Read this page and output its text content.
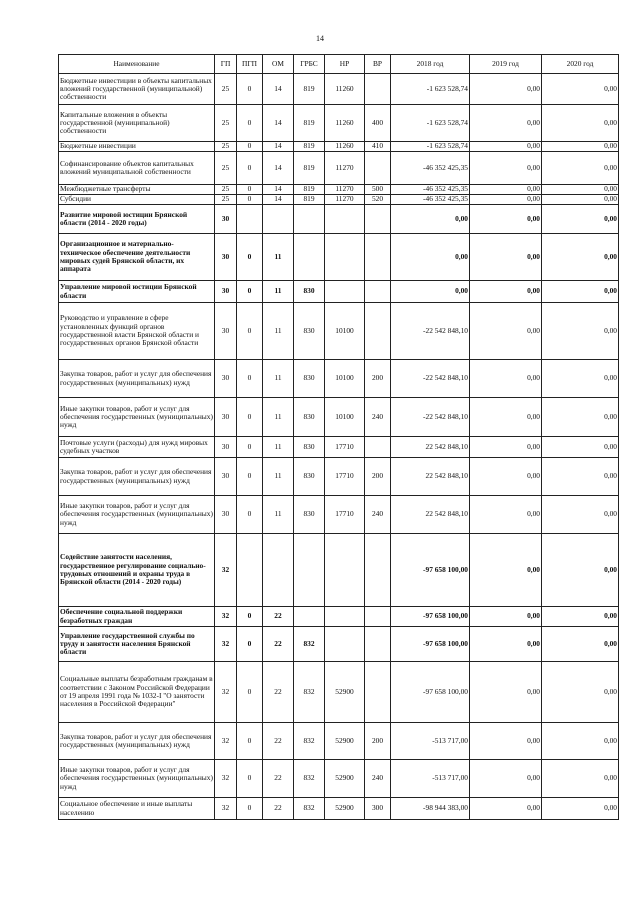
14
Наименование	ГП	ПГП	ОМ	ГРБС	НР	ВР	2018 год	2019 год	2020 год
Бюджетные инвестиции в объекты капитальных вложений государственной (муниципальной) собственности	25	0	14	819	11260		-1 623 528,74	0,00	0,00
Капитальные вложения в объекты государственной (муниципальной) собственности	25	0	14	819	11260	400	-1 623 528,74	0,00	0,00
Бюджетные инвестиции	25	0	14	819	11260	410	-1 623 528,74	0,00	0,00
Софинансирование объектов капитальных вложений муниципальной собственности	25	0	14	819	11270		-46 352 425,35	0,00	0,00
Межбюджетные трансферты	25	0	14	819	11270	500	-46 352 425,35	0,00	0,00
Субсидии	25	0	14	819	11270	520	-46 352 425,35	0,00	0,00
Развитие мировой юстиции Брянской области (2014 - 2020 годы)	30						0,00	0,00	0,00
Организационное и материально-техническое обеспечение деятельности мировых судей Брянской области, их аппарата	30	0	11				0,00	0,00	0,00
Управление мировой юстиции Брянской области	30	0	11	830			0,00	0,00	0,00
Руководство и управление в сфере установленных функций органов государственной власти Брянской области и государственных органов Брянской области	30	0	11	830	10100		-22 542 848,10	0,00	0,00
Закупка товаров, работ и услуг для обеспечения государственных (муниципальных) нужд	30	0	11	830	10100	200	-22 542 848,10	0,00	0,00
Иные закупки товаров, работ и услуг для обеспечения государственных (муниципальных) нужд	30	0	11	830	10100	240	-22 542 848,10	0,00	0,00
Почтовые услуги (расходы) для нужд мировых судебных участков	30	0	11	830	17710		22 542 848,10	0,00	0,00
Закупка товаров, работ и услуг для обеспечения государственных (муниципальных) нужд	30	0	11	830	17710	200	22 542 848,10	0,00	0,00
Иные закупки товаров, работ и услуг для обеспечения государственных (муниципальных) нужд	30	0	11	830	17710	240	22 542 848,10	0,00	0,00
Содействие занятости населения, государственное регулирование социально-трудовых отношений и охраны труда в Брянской области (2014 - 2020 годы)	32						-97 658 100,00	0,00	0,00
Обеспечение социальной поддержки безработных граждан	32	0	22				-97 658 100,00	0,00	0,00
Управление государственной службы по труду и занятости населения Брянской области	32	0	22	832			-97 658 100,00	0,00	0,00
Социальные выплаты безработным гражданам в соответствии с Законом Российской Федерации от 19 апреля 1991 года № 1032-I "О занятости населения в Российской Федерации"	32	0	22	832	52900		-97 658 100,00	0,00	0,00
Закупка товаров, работ и услуг для обеспечения государственных (муниципальных) нужд	32	0	22	832	52900	200	-513 717,00	0,00	0,00
Иные закупки товаров, работ и услуг для обеспечения государственных (муниципальных) нужд	32	0	22	832	52900	240	-513 717,00	0,00	0,00
Социальное обеспечение и иные выплаты населению	32	0	22	832	52900	300	-98 944 383,00	0,00	0,00
